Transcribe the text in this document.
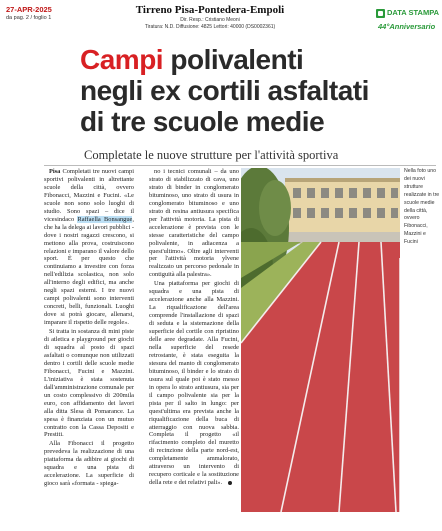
27-APR-2025
da pag. 2 / foglio 1
Tirreno Pisa-Pontedera-Empoli
Dir. Resp.: Cristiano Meoni
Tiratura: N.D. Diffusione: 4825 Lettori: 40000 (DS0002361)
DATA STAMPA
44°Anniversario
Campi polivalenti
negli ex cortili asfaltati
di tre scuole medie
Completate le nuove strutture per l'attività sportiva

Pisa Completati tre nuovi campi sportivi polivalenti in altrettante scuole della città, ovvero Fibonacci, Mazzini e Fucini. «Le scuole non sono solo luoghi di studio. Sono spazi – dice il vicesindaco Raffaella Bonsangue, che ha la delega ai lavori pubblici - dove i nostri ragazzi crescono, si mettono alla prova, costruiscono relazioni e imparano il valore dello sport. È per questo che continuiamo a investire con forza nell'edilizia scolastica, non solo all'interno degli edifici, ma anche negli spazi esterni. I tre nuovi campi polivalenti sono interventi concreti, belli, funzionali. Luoghi dove si potrà giocare, allenarsi, imparare il rispetto delle regole».

Si tratta in sostanza di mini piste di atletica e playground per giochi di squadra al posto di spazi asfaltati o comunque non utilizzati dentro i cortili delle scuole medie Fibonacci, Fucini e Mazzini. L'iniziativa è stata sostenuta dall'amministrazione comunale per un costo complessivo di 200mila euro, con affidamento dei lavori alla ditta Slesa di Pomarance. La spesa è finanziata con un mutuo contratto con la Cassa Depositi e Prestiti.

Alla Fibonacci il progetto prevedeva la realizzazione di una piattaforma da adibire ai giochi di squadra e una pista di accelerazione. La superficie di gioco sarà «formata - spiega-

no i tecnici comunali – da uno strato di stabilizzato di cava, uno strato di binder in conglomerato bituminoso, uno strato di usura in conglomerato bituminoso e uno strato di resina antiusura specifica per l'attività motoria. La pista di accelerazione è prevista con le stesse caratteristiche del campo polivalente, in adiacenza a quest'ultimo». Oltre agli interventi per l'attività motoria ylvene realizzato un percorso pedonale in contiguità alla palestra».

Una piattaforma per giochi di squadra e una pista di accelerazione anche alla Mazzini. La riqualificazione dell'area comprende l'installazione di spazi di seduta e la sistemazione della superficie del cortile con ripristino delle aree degradate. Alla Fucini, nella superficie del resede retrostante, è stata eseguita la stesura del manto di conglomerato bituminoso, il binder e lo strato di usura sul quale poi è stato messo in opera lo strato antiusura, sia per il campo polivalente sia per la pista per il salto in lungo: per quest'ultima era prevista anche la riqualificazione della buca di atterraggio con nuova sabbia. Completa il progetto «il rifacimento completo del muretto di recinzione della parte nord-est, completamente ammalorato, attraverso un intervento di recupero corticale e la sostituzione della rete e dei relativi pali».

Nella foto uno dei nuovi strutture realizzate in tre scuole medie della città, ovvero Fibonacci, Mazzini e Fucini
